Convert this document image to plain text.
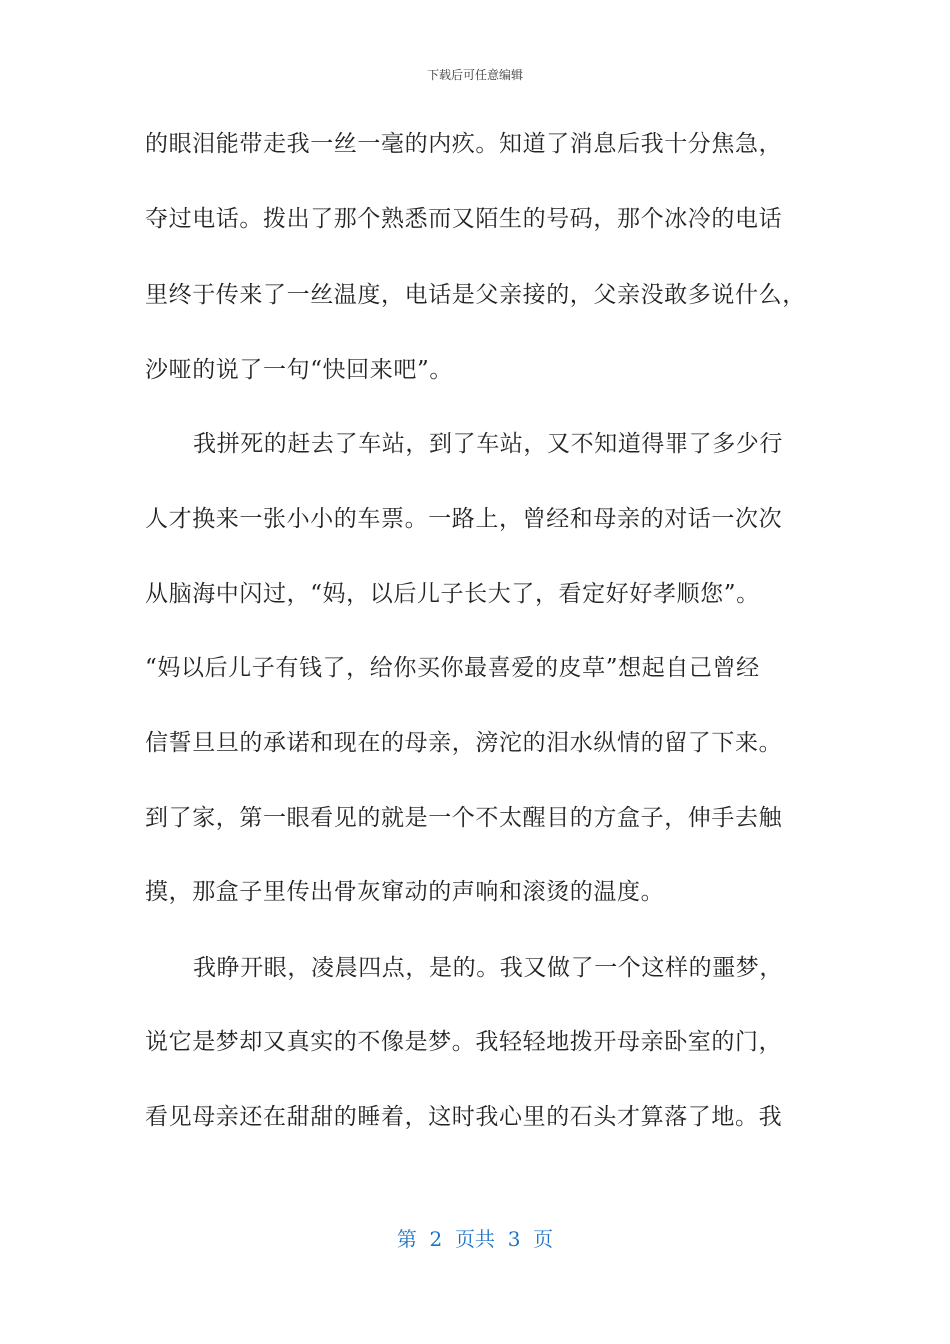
下载后可任意编辑
的眼泪能带走我一丝一毫的内疚。知道了消息后我十分焦急，
夺过电话。拨出了那个熟悉而又陌生的号码，那个冰冷的电话
里终于传来了一丝温度，电话是父亲接的，父亲没敢多说什么，
沙哑的说了一句“快回来吧”。
我拼死的赶去了车站，到了车站，又不知道得罪了多少行
人才换来一张小小的车票。一路上，曾经和母亲的对话一次次
从脑海中闪过，“妈，以后儿子长大了，看定好好孝顺您”。
“妈以后儿子有钱了，给你买你最喜爱的皮草”想起自己曾经
信誓旦旦的承诺和现在的母亲，滂沱的泪水纵情的留了下来。
到了家，第一眼看见的就是一个不太醒目的方盒子，伸手去触
摸，那盒子里传出骨灰窜动的声响和滚烫的温度。
我睁开眼，凌晨四点，是的。我又做了一个这样的噩梦，
说它是梦却又真实的不像是梦。我轻轻地拨开母亲卧室的门，
看见母亲还在甜甜的睡着，这时我心里的石头才算落了地。我
第  2  页共  3  页
